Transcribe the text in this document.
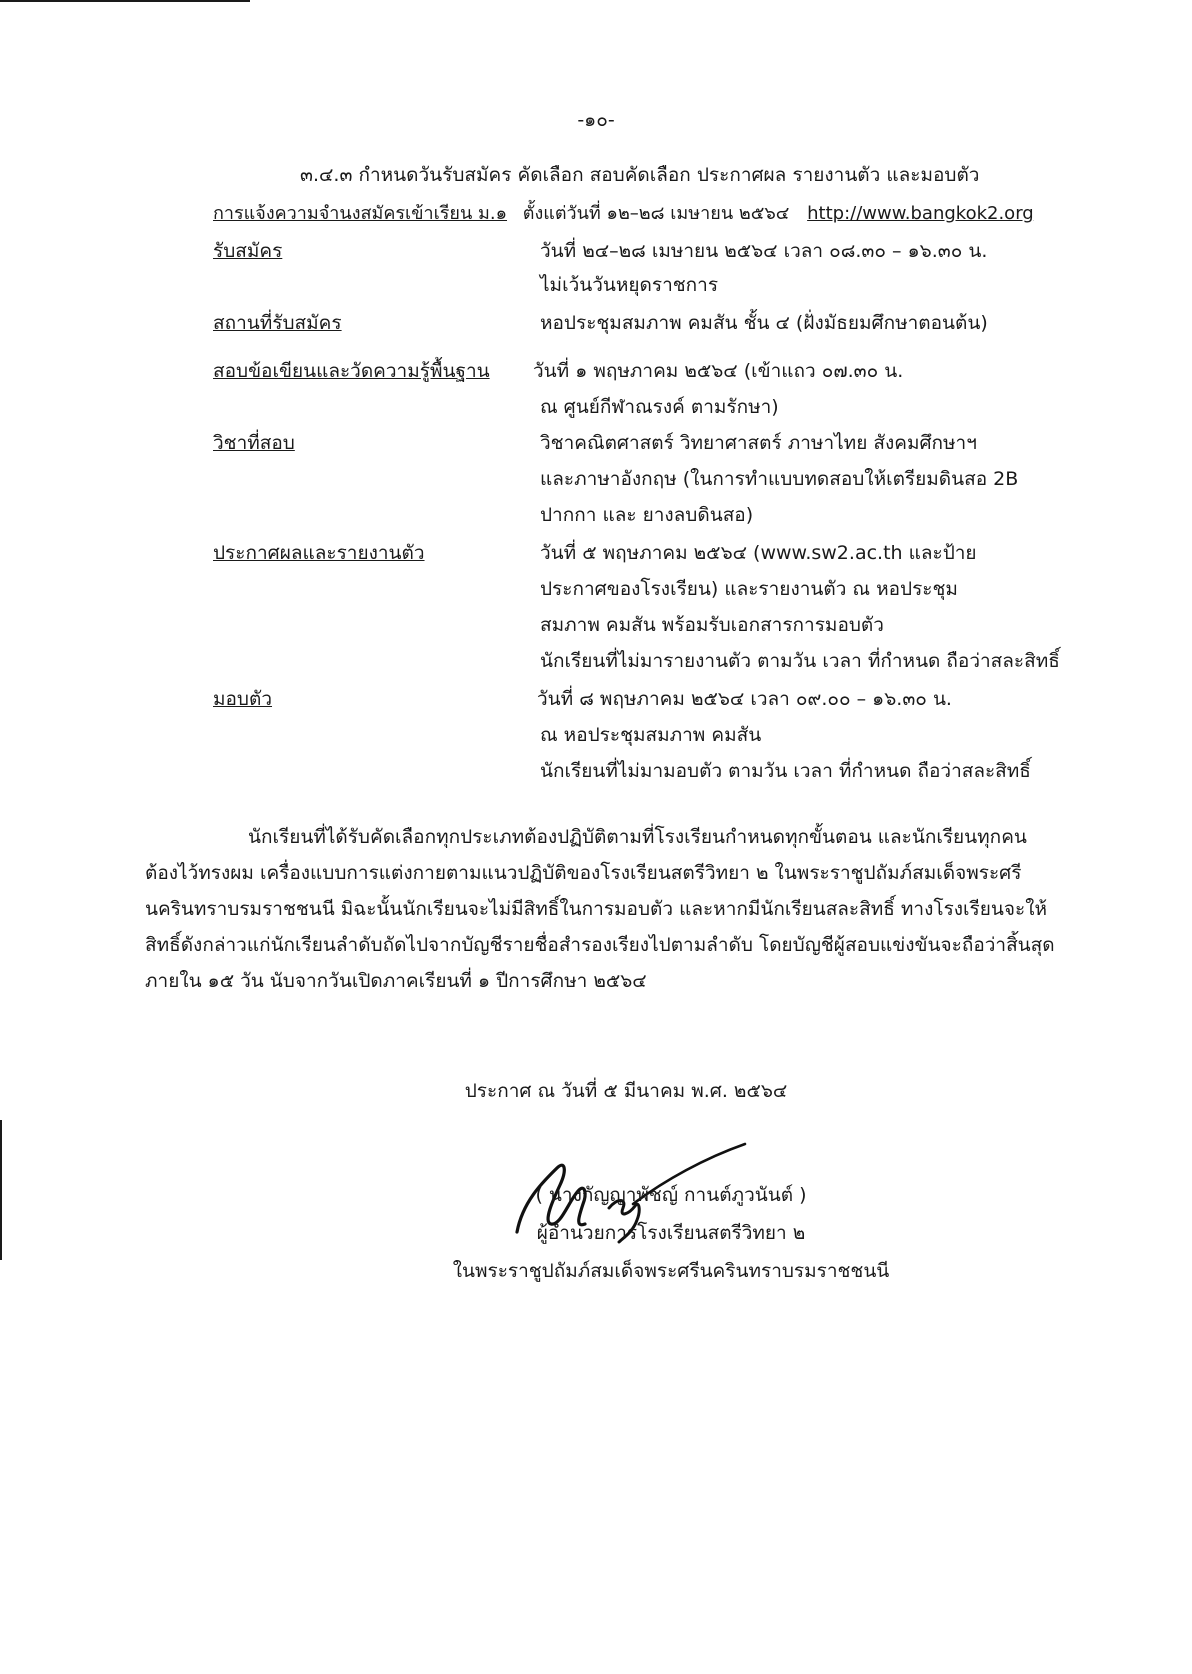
-๑๐-
๓.๔.๓ กำหนดวันรับสมัคร คัดเลือก สอบคัดเลือก ประกาศผล รายงานตัว และมอบตัว
การแจ้งความจำนงสมัครเข้าเรียน ม.๑ ตั้งแต่วันที่ ๑๒–๒๘ เมษายน ๒๕๖๔ http://www.bangkok2.org
รับสมัคร	วันที่ ๒๔–๒๘ เมษายน ๒๕๖๔ เวลา ๐๘.๓๐ – ๑๖.๓๐ น.
ไม่เว้นวันหยุดราชการ
สถานที่รับสมัคร	หอประชุมสมภาพ คมสัน ชั้น ๔ (ฝั่งมัธยมศึกษาตอนต้น)
สอบข้อเขียนและวัดความรู้พื้นฐาน วันที่ ๑ พฤษภาคม ๒๕๖๔ (เข้าแถว ๐๗.๓๐ น.
ณ ศูนย์กีฬาณรงค์ ตามรักษา)
วิชาที่สอบ	วิชาคณิตศาสตร์ วิทยาศาสตร์ ภาษาไทย สังคมศึกษาฯ
และภาษาอังกฤษ (ในการทำแบบทดสอบให้เตรียมดินสอ 2B
ปากกา และ ยางลบดินสอ)
ประกาศผลและรายงานตัว	วันที่ ๕ พฤษภาคม ๒๕๖๔ (www.sw2.ac.th และป้าย
ประกาศของโรงเรียน) และรายงานตัว ณ หอประชุม
สมภาพ คมสัน พร้อมรับเอกสารการมอบตัว
นักเรียนที่ไม่มารายงานตัว ตามวัน เวลา ที่กำหนด ถือว่าสละสิทธิ์
มอบตัว	วันที่ ๘ พฤษภาคม ๒๕๖๔ เวลา ๐๙.๐๐ – ๑๖.๓๐ น.
ณ หอประชุมสมภาพ คมสัน
นักเรียนที่ไม่มามอบตัว ตามวัน เวลา ที่กำหนด ถือว่าสละสิทธิ์
นักเรียนที่ได้รับคัดเลือกทุกประเภทต้องปฏิบัติตามที่โรงเรียนกำหนดทุกขั้นตอน และนักเรียนทุกคน
ต้องไว้ทรงผม เครื่องแบบการแต่งกายตามแนวปฏิบัติของโรงเรียนสตรีวิทยา ๒ ในพระราชูปถัมภ์สมเด็จพระศรี
นครินทราบรมราชชนนี มิฉะนั้นนักเรียนจะไม่มีสิทธิ์ในการมอบตัว และหากมีนักเรียนสละสิทธิ์ ทางโรงเรียนจะให้
สิทธิ์ดังกล่าวแก่นักเรียนลำดับถัดไปจากบัญชีรายชื่อสำรองเรียงไปตามลำดับ โดยบัญชีผู้สอบแข่งขันจะถือว่าสิ้นสุด
ภายใน ๑๕ วัน นับจากวันเปิดภาคเรียนที่ ๑ ปีการศึกษา ๒๕๖๔
ประกาศ ณ วันที่ ๕ มีนาคม พ.ศ. ๒๕๖๔
( นางกัญญาพัชญ์ กานต์ภูวนันต์ )
ผู้อำนวยการโรงเรียนสตรีวิทยา ๒
ในพระราชูปถัมภ์สมเด็จพระศรีนครินทราบรมราชชนนี
